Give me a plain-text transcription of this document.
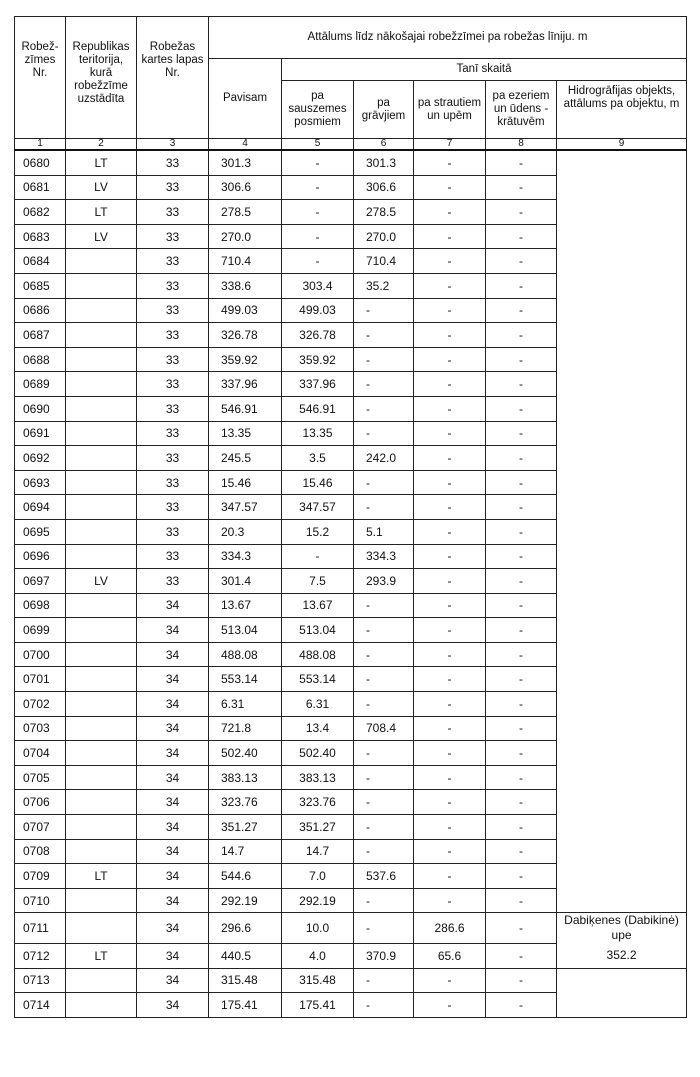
Robež-zīmes Nr.	Republikas teritorija, kurā robežzīme uzstādīta	Robežas kartes lapas Nr.	Attālums līdz nākošajai robežzīmei pa robežas līniju. m					
			Pavisam	Tanī skaitā				
				pa sauszemes posmiem	pa grāvjiem	pa strautiem un upēm	pa ezeriem un ūdens - krātuvēm	Hidrogrāfijas objekts, attālums pa objektu, m
1	2	3	4	5	6	7	8	9
0680	LT	33	301.3	-	301.3	-	-	
0681	LV	33	306.6	-	306.6	-	-	
0682	LT	33	278.5	-	278.5	-	-	
0683	LV	33	270.0	-	270.0	-	-	
0684		33	710.4	-	710.4	-	-	
0685		33	338.6	303.4	35.2	-	-	
0686		33	499.03	499.03	-	-	-	
0687		33	326.78	326.78	-	-	-	
0688		33	359.92	359.92	-	-	-	
0689		33	337.96	337.96	-	-	-	
0690		33	546.91	546.91	-	-	-	
0691		33	13.35	13.35	-	-	-	
0692		33	245.5	3.5	242.0	-	-	
0693		33	15.46	15.46	-	-	-	
0694		33	347.57	347.57	-	-	-	
0695		33	20.3	15.2	5.1	-	-	
0696		33	334.3	-	334.3	-	-	
0697	LV	33	301.4	7.5	293.9	-	-	
0698		34	13.67	13.67	-	-	-	
0699		34	513.04	513.04	-	-	-	
0700		34	488.08	488.08	-	-	-	
0701		34	553.14	553.14	-	-	-	
0702		34	6.31	6.31	-	-	-	
0703		34	721.8	13.4	708.4	-	-	
0704		34	502.40	502.40	-	-	-	
0705		34	383.13	383.13	-	-	-	
0706		34	323.76	323.76	-	-	-	
0707		34	351.27	351.27	-	-	-	
0708		34	14.7	14.7	-	-	-	
0709	LT	34	544.6	7.0	537.6	-	-	
0710		34	292.19	292.19	-	-	-	
0711		34	296.6	10.0	-	286.6	-	Dabiķenes (Dabikinė) upe
0712	LT	34	440.5	4.0	370.9	65.6	-	352.2
0713		34	315.48	315.48	-	-	-	
0714		34	175.41	175.41	-	-	-	
